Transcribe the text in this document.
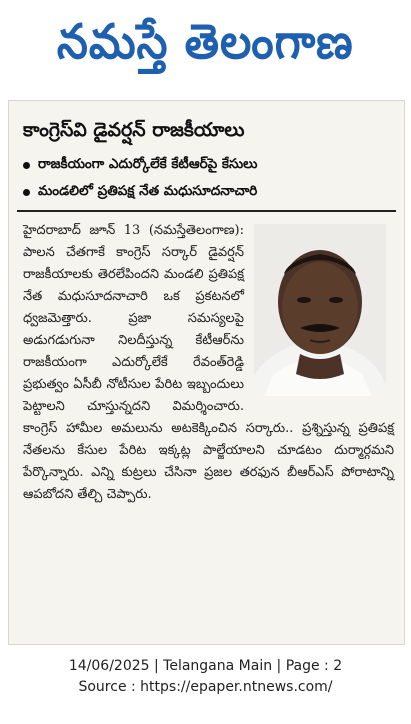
నమస్తే తెలంగాణ
కాంగ్రెస్‌వి డైవర్షన్ రాజకీయాలు
రాజకీయంగా ఎదుర్కోలేకే కేటీఆర్‌పై కేసులు
మండలిలో ప్రతిపక్ష నేత మధుసూదనాచారి

హైదరాబాద్ జూన్ 13 (నమస్తేతెలంగాణ): పాలన చేతగాకే కాంగ్రెస్ సర్కార్ డైవర్షన్ రాజకీయాలకు తెరలేపిందని మండలి ప్రతిపక్ష నేత మధుసూదనాచారి ఒక ప్రకటనలో ధ్వజమెత్తారు. ప్రజా సమస్యలపై అడుగడుగునా నిలదీస్తున్న కేటీఆర్‌ను రాజకీయంగా ఎదుర్కోలేకే రేవంత్‌రెడ్డి ప్రభుత్వం ఏసీబీ నోటీసుల పేరిట ఇబ్బందులు పెట్టాలని చూస్తున్నదని విమర్శించారు. కాంగ్రెస్ హామీల అమలును అటకెక్కించిన సర్కారు.. ప్రశ్నిస్తున్న ప్రతిపక్ష నేతలను కేసుల పేరిట ఇక్కట్ల పాల్జేయాలని చూడటం దుర్మార్గమని పేర్కొన్నారు. ఎన్ని కుట్రలు చేసినా ప్రజల తరఫున బీఆర్‌ఎస్ పోరాటాన్ని ఆపబోదని తేల్చి చెప్పారు.

14/06/2025 | Telangana Main | Page : 2
Source : https://epaper.ntnews.com/
